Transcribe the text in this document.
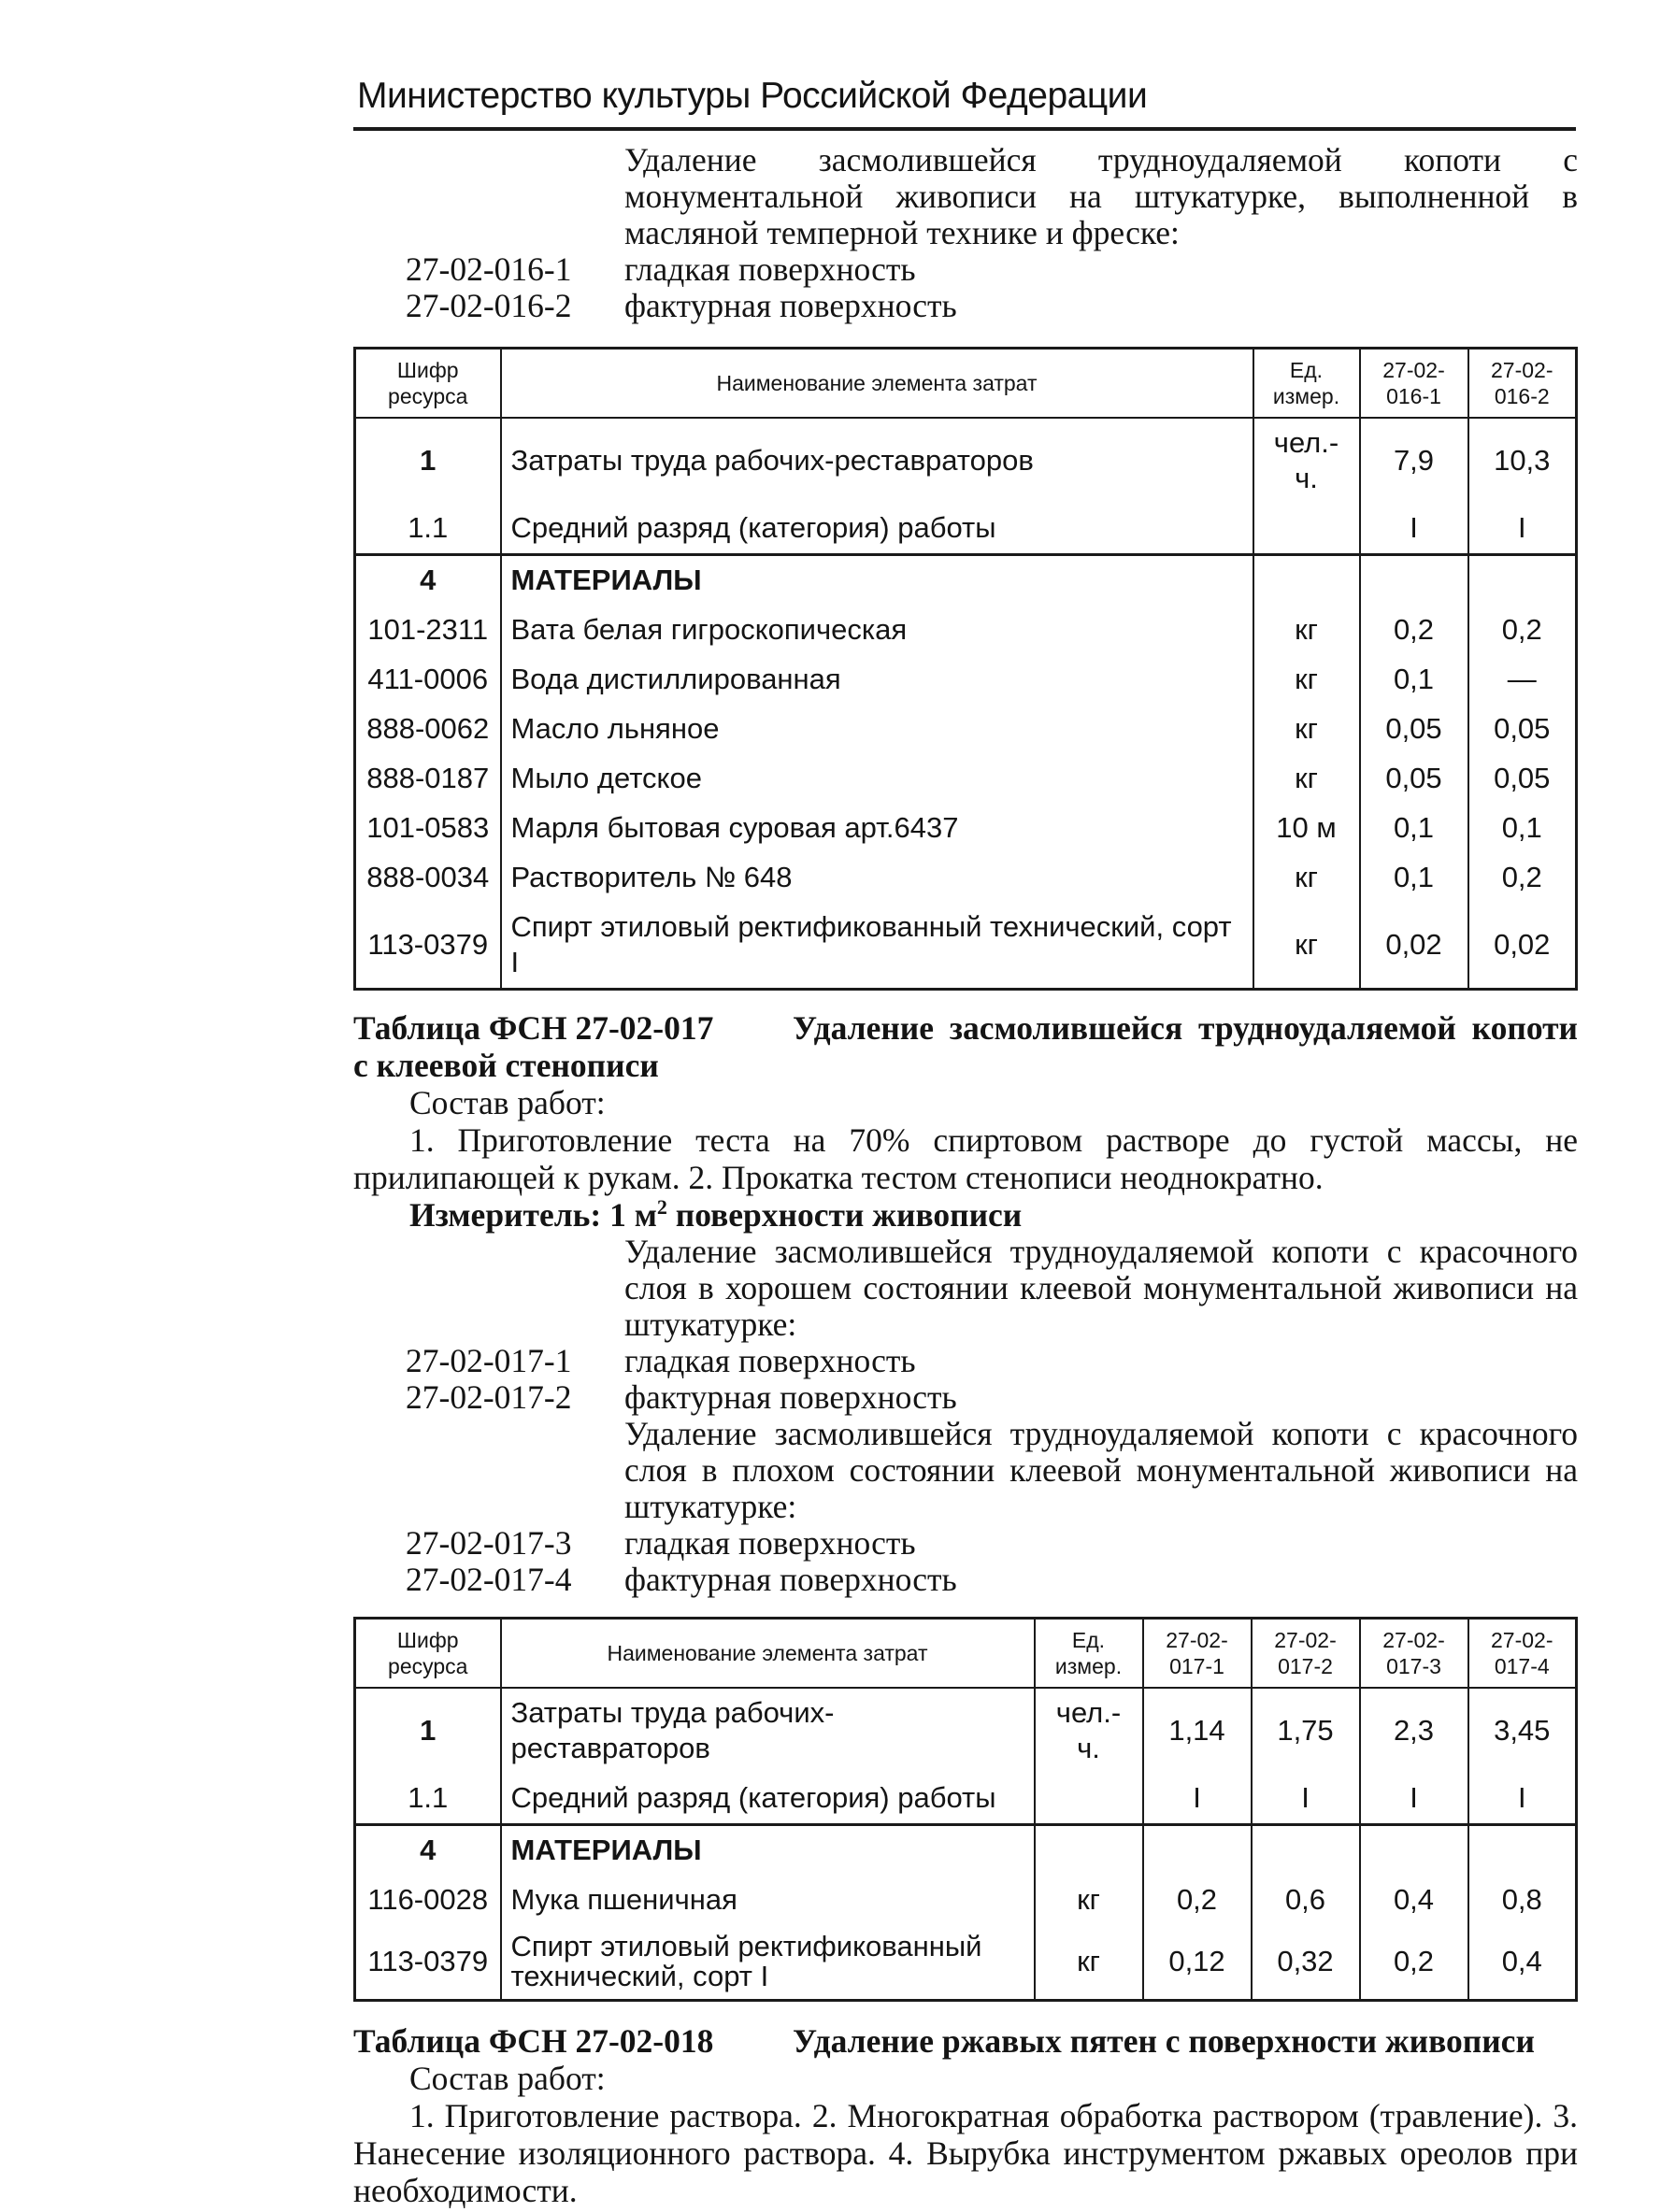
Министерство культуры Российской Федерации
Удаление засмолившейся трудноудаляемой копоти с монументальной живописи на штукатурке, выполненной в масляной темперной технике и фреске:
27-02-016-1	гладкая поверхность
27-02-016-2	фактурная поверхность
Шифр ресурса	Наименование элемента затрат	Ед. измер.	27-02-016-1	27-02-016-2
1	Затраты труда рабочих-реставраторов	чел.-ч.	7,9	10,3
1.1	Средний разряд (категория) работы		I	I
4	МАТЕРИАЛЫ			
101-2311	Вата белая гигроскопическая	кг	0,2	0,2
411-0006	Вода дистиллированная	кг	0,1	—
888-0062	Масло льняное	кг	0,05	0,05
888-0187	Мыло детское	кг	0,05	0,05
101-0583	Марля бытовая суровая арт.6437	10 м	0,1	0,1
888-0034	Растворитель № 648	кг	0,1	0,2
113-0379	Спирт этиловый ректификованный технический, сорт I	кг	0,02	0,02
Таблица ФСН 27-02-017 Удаление засмолившейся трудноудаляемой копоти с клеевой стенописи
Состав работ:
1. Приготовление теста на 70% спиртовом растворе до густой массы, не прилипающей к рукам. 2. Прокатка тестом стенописи неоднократно.
Измеритель: 1 $м^2$ поверхности живописи
Удаление засмолившейся трудноудаляемой копоти с красочного слоя в хорошем состоянии клеевой монументальной живописи на штукатурке:
27-02-017-1	гладкая поверхность
27-02-017-2	фактурная поверхность
Удаление засмолившейся трудноудаляемой копоти с красочного слоя в плохом состоянии клеевой монументальной живописи на штукатурке:
27-02-017-3	гладкая поверхность
27-02-017-4	фактурная поверхность
Шифр ресурса	Наименование элемента затрат	Ед. измер.	27-02-017-1	27-02-017-2	27-02-017-3	27-02-017-4
1	Затраты труда рабочих-реставраторов	чел.-ч.	1,14	1,75	2,3	3,45
1.1	Средний разряд (категория) работы		I	I	I	I
4	МАТЕРИАЛЫ					
116-0028	Мука пшеничная	кг	0,2	0,6	0,4	0,8
113-0379	Спирт этиловый ректификованный технический, сорт I	кг	0,12	0,32	0,2	0,4
Таблица ФСН 27-02-018 Удаление ржавых пятен с поверхности живописи
Состав работ:
1. Приготовление раствора. 2. Многократная обработка раствором (травление). 3. Нанесение изоляционного раствора. 4. Вырубка инструментом ржавых ореолов при необходимости.
